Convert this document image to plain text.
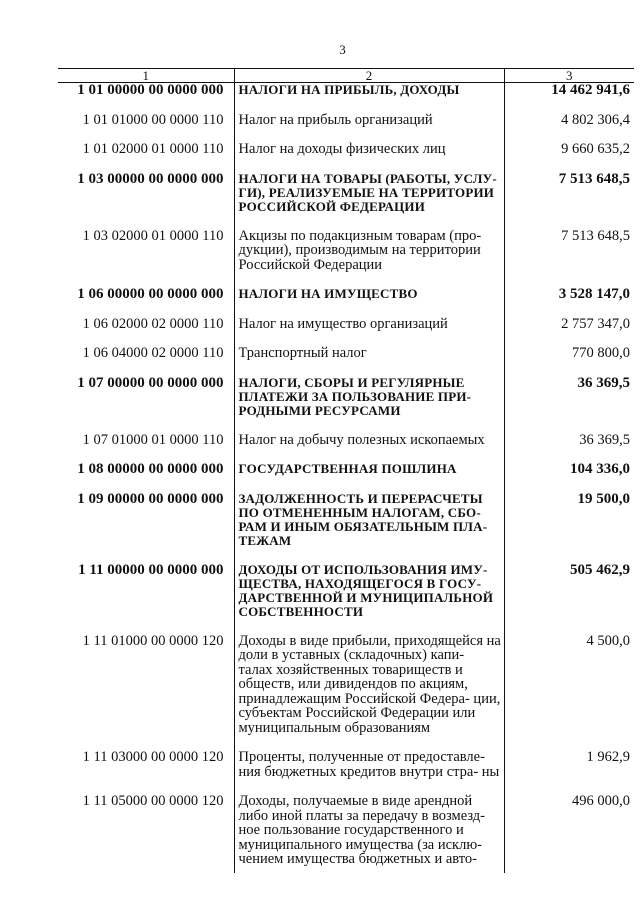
3
1	2	3
1 01 00000 00 0000 000	НАЛОГИ НА ПРИБЫЛЬ, ДОХОДЫ	14 462 941,6
1 01 01000 00 0000 110	Налог на прибыль организаций	4 802 306,4
1 01 02000 01 0000 110	Налог на доходы физических лиц	9 660 635,2
1 03 00000 00 0000 000	НАЛОГИ НА ТОВАРЫ (РАБОТЫ, УСЛУ- ГИ), РЕАЛИЗУЕМЫЕ НА ТЕРРИТОРИИ РОССИЙСКОЙ ФЕДЕРАЦИИ	7 513 648,5
1 03 02000 01 0000 110	Акцизы по подакцизным товарам (про- дукции), производимым на территории Российской Федерации	7 513 648,5
1 06 00000 00 0000 000	НАЛОГИ НА ИМУЩЕСТВО	3 528 147,0
1 06 02000 02 0000 110	Налог на имущество организаций	2 757 347,0
1 06 04000 02 0000 110	Транспортный налог	770 800,0
1 07 00000 00 0000 000	НАЛОГИ, СБОРЫ И РЕГУЛЯРНЫЕ ПЛАТЕЖИ ЗА ПОЛЬЗОВАНИЕ ПРИ- РОДНЫМИ РЕСУРСАМИ	36 369,5
1 07 01000 01 0000 110	Налог на добычу полезных ископаемых	36 369,5
1 08 00000 00 0000 000	ГОСУДАРСТВЕННАЯ ПОШЛИНА	104 336,0
1 09 00000 00 0000 000	ЗАДОЛЖЕННОСТЬ И ПЕРЕРАСЧЕТЫ ПО ОТМЕНЕННЫМ НАЛОГАМ, СБО- РАМ И ИНЫМ ОБЯЗАТЕЛЬНЫМ ПЛА- ТЕЖАМ	19 500,0
1 11 00000 00 0000 000	ДОХОДЫ ОТ ИСПОЛЬЗОВАНИЯ ИМУ- ЩЕСТВА, НАХОДЯЩЕГОСЯ В ГОСУ- ДАРСТВЕННОЙ И МУНИЦИПАЛЬНОЙ СОБСТВЕННОСТИ	505 462,9
1 11 01000 00 0000 120	Доходы в виде прибыли, приходящейся на доли в уставных (складочных) капи- талах хозяйственных товариществ и обществ, или дивидендов по акциям, принадлежащим Российской Федера- ции, субъектам Российской Федерации или муниципальным образованиям	4 500,0
1 11 03000 00 0000 120	Проценты, полученные от предоставле- ния бюджетных кредитов внутри стра- ны	1 962,9
1 11 05000 00 0000 120	Доходы, получаемые в виде арендной либо иной платы за передачу в возмезд- ное пользование государственного и муниципального имущества (за исклю- чением имущества бюджетных и авто-	496 000,0
